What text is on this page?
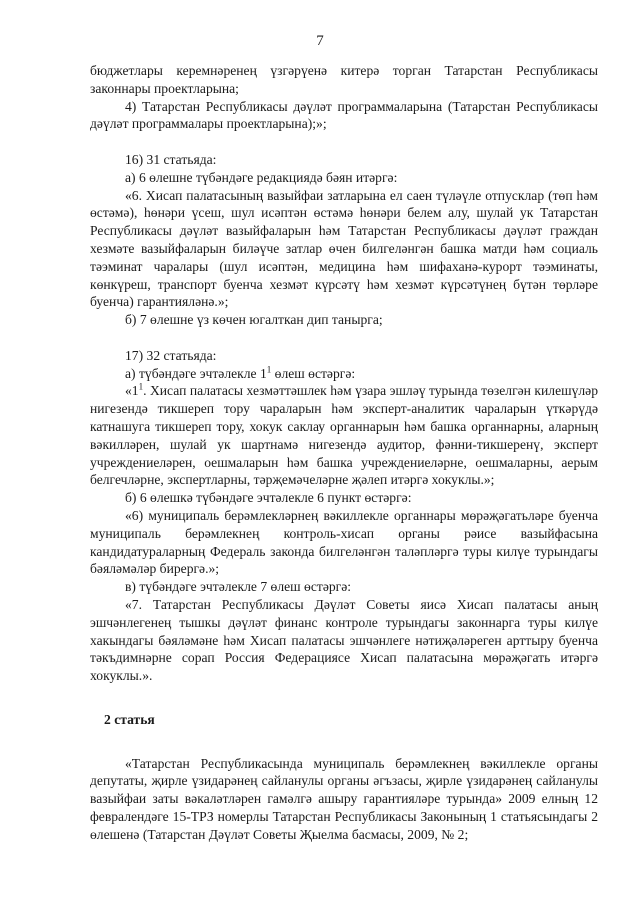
7

бюджетлары керемнәренең үзгәрүенә китерә торган Татарстан Республикасы законнары проектларына;

4) Татарстан Республикасы дәүләт программаларына (Татарстан Республикасы дәүләт программалары проектларына);»;

16) 31 статьяда:

а) 6 өлешне түбәндәге редакциядә бәян итәргә:

«6. Хисап палатасының вазыйфаи затларына ел саен түләүле отпусклар (төп һәм өстәмә), һөнәри үсеш, шул исәптән өстәмә һөнәри белем алу, шулай ук Татарстан Республикасы дәүләт вазыйфаларын һәм Татарстан Республикасы дәүләт граждан хезмәте вазыйфаларын биләүче затлар өчен билгеләнгән башка матди һәм социаль тәэминат чаралары (шул исәптән, медицина һәм шифаханә-курорт тәэминаты, көнкүреш, транспорт буенча хезмәт күрсәтү һәм хезмәт күрсәтүнең бүтән төрләре буенча) гарантияләнә.»;

б) 7 өлешне үз көчен югалткан дип танырга;

17) 32 статьяда:

а) түбәндәге эчтәлекле $1^1$ өлеш өстәргә:

«$1^1$. Хисап палатасы хезмәттәшлек һәм үзара эшләү турында төзелгән килешүләр нигезендә тикшереп тору чараларын һәм эксперт-аналитик чараларын үткәрүдә катнашуга тикшереп тору, хокук саклау органнарын һәм башка органнарны, аларның вәкилләрен, шулай ук шартнамә нигезендә аудитор, фәнни-тикшеренү, эксперт учреждениеләрен, оешмаларын һәм башка учреждениеләрне, оешмаларны, аерым белгечләрне, экспертларны, тәрҗемәчеләрне җәлеп итәргә хокуклы.»;

б) 6 өлешкә түбәндәге эчтәлекле 6 пункт өстәргә:

«6) муниципаль берәмлекләрнең вәкиллекле органнары мөрәҗәгатьләре буенча муниципаль берәмлекнең контроль-хисап органы рәисе вазыйфасына кандидатураларның Федераль законда билгеләнгән таләпләргә туры килүе турындагы бәяләмәләр бирергә.»;

в) түбәндәге эчтәлекле 7 өлеш өстәргә:

«7. Татарстан Республикасы Дәүләт Советы яисә Хисап палатасы аның эшчәнлегенең тышкы дәүләт финанс контроле турындагы законнарга туры килүе хакындагы бәяләмәне һәм Хисап палатасы эшчәнлеге нәтиҗәләреген арттыру буенча тәкъдимнәрне сорап Россия Федерациясе Хисап палатасына мөрәҗәгать итәргә хокуклы.».

2 статья

«Татарстан Республикасында муниципаль берәмлекнең вәкиллекле органы депутаты, җирле үзидарәнең сайланулы органы әгъзасы, җирле үзидарәнең сайланулы вазыйфаи заты вәкаләтләрен гамәлгә ашыру гарантияләре турында» 2009 елның 12 февралендәге 15-ТРЗ номерлы Татарстан Республикасы Законының 1 статьясындагы 2 өлешенә (Татарстан Дәүләт Советы Җыелма басмасы, 2009, № 2;
